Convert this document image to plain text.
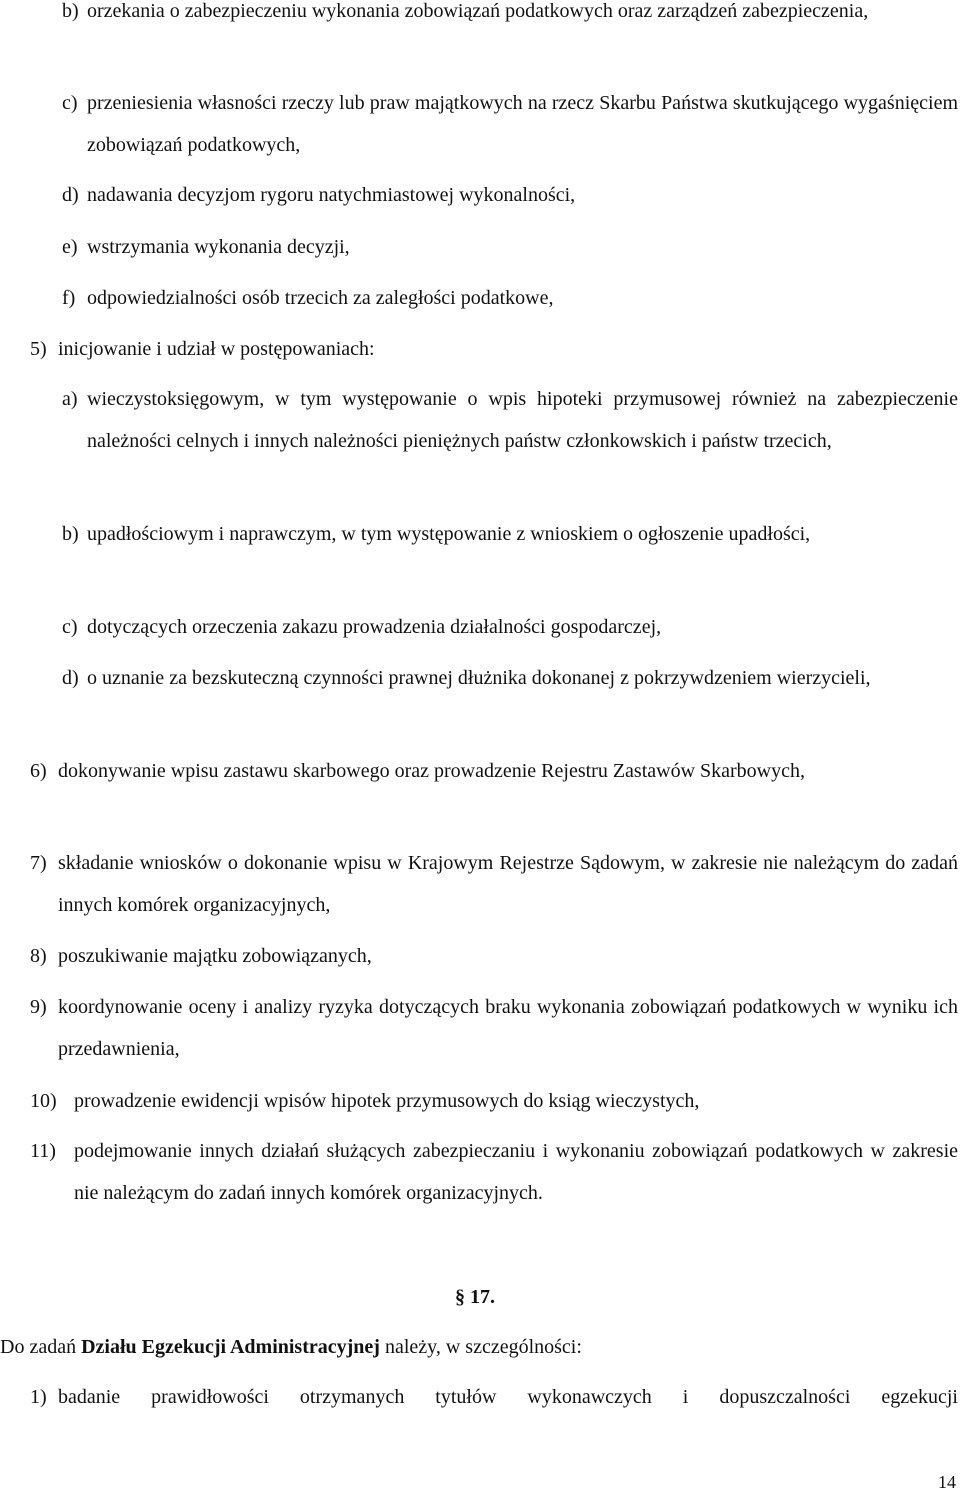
b) orzekania o zabezpieczeniu wykonania zobowiązań podatkowych oraz zarządzeń zabezpieczenia,
c) przeniesienia własności rzeczy lub praw majątkowych na rzecz Skarbu Państwa skutkującego wygaśnięciem zobowiązań podatkowych,
d) nadawania decyzjom rygoru natychmiastowej wykonalności,
e) wstrzymania wykonania decyzji,
f) odpowiedzialności osób trzecich za zaległości podatkowe,
5) inicjowanie i udział w postępowaniach:
a) wieczystoksięgowym, w tym występowanie o wpis hipoteki przymusowej również na zabezpieczenie należności celnych i innych należności pieniężnych państw członkowskich i państw trzecich,
b) upadłościowym i naprawczym, w tym występowanie z wnioskiem o ogłoszenie upadłości,
c) dotyczących orzeczenia zakazu prowadzenia działalności gospodarczej,
d) o uznanie za bezskuteczną czynności prawnej dłużnika dokonanej z pokrzywdzeniem wierzycieli,
6) dokonywanie wpisu zastawu skarbowego oraz prowadzenie Rejestru Zastawów Skarbowych,
7) składanie wniosków o dokonanie wpisu w Krajowym Rejestrze Sądowym, w zakresie nie należącym do zadań innych komórek organizacyjnych,
8) poszukiwanie majątku zobowiązanych,
9) koordynowanie oceny i analizy ryzyka dotyczących braku wykonania zobowiązań podatkowych w wyniku ich przedawnienia,
10) prowadzenie ewidencji wpisów hipotek przymusowych do ksiąg wieczystych,
11) podejmowanie innych działań służących zabezpieczaniu i wykonaniu zobowiązań podatkowych w zakresie nie należącym do zadań innych komórek organizacyjnych.
§ 17.
Do zadań Działu Egzekucji Administracyjnej należy, w szczególności:
1) badanie prawidłowości otrzymanych tytułów wykonawczych i dopuszczalności egzekucji
14
